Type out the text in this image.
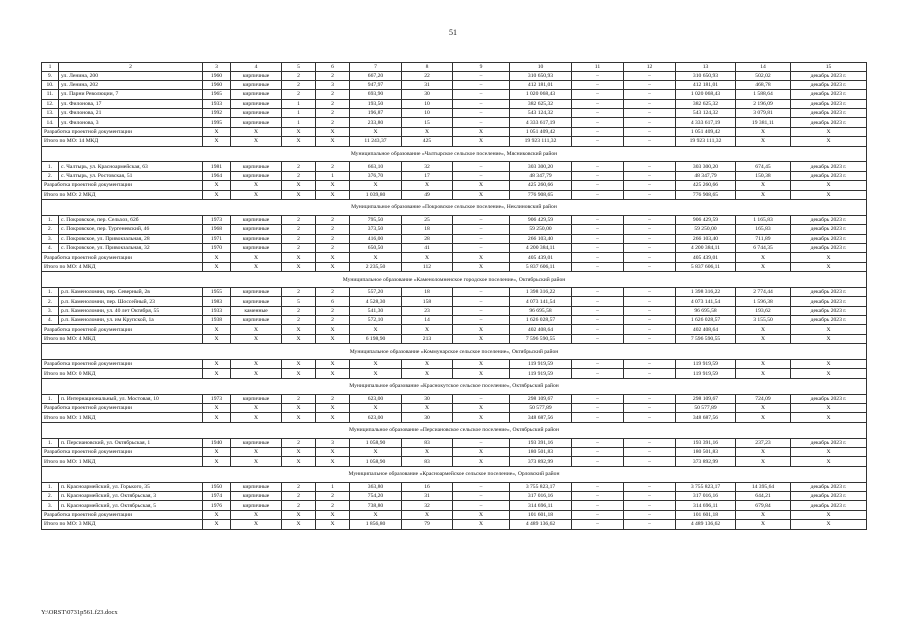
51
1	2	3	4	5	6	7	8	9	10	11	12	13	14	15
9.	ул. Ленина, 200	1960	кирпичные	2	2	667,20	22	–	310 650,93	–	–	310 650,93	502,02	декабрь 2023 г.
10.	ул. Ленина, 202	1960	кирпичные	2	3	947,97	31	–	412 181,01	–	–	412 181,01	468,78	декабрь 2023 г.
11.	ул. Парни Революции, 7	1965	кирпичные	2	2	693,90	30	–	1 020 068,43	–	–	1 020 068,43	1 588,64	декабрь 2023 г.
12.	ул. Филонова, 17	1933	кирпичные	1	2	193,50	10	–	382 625,32	–	–	382 625,32	2 196,09	декабрь 2023 г.
13.	ул. Филонова, 21	1992	кирпичные	1	2	196,87	10	–	543 124,32	–	–	543 124,32	3 079,81	декабрь 2023 г.
14.	ул. Филонова, 3	1995	кирпичные	1	2	233,80	15	–	4 333 617,19	–	–	4 333 617,19	19 381,11	декабрь 2023 г.
Разработка проектной документации		X	X	X	X	X	X	X	1 051 409,42	–	–	1 051 409,42	X	X
Итого по МО: 14 МКД		X	X	X	X	11 243,37	425	X	19 923 111,32	–	–	19 923 111,32	X	X
Муниципальное образование «Чалтырское сельское поселение», Мясниковский район														
1.	с. Чалтырь, ул. Красноармейская, 63	1981	кирпичные	2	2	663,10	32	–	303 300,20	–	–	303 300,20	674,45	декабрь 2023 г.
2.	с. Чалтырь, ул. Ростовская, 51	1964	кирпичные	2	1	376,70	17	–	48 347,79	–	–	48 347,79	150,38	декабрь 2023 г.
Разработка проектной документации		X	X	X	X	X	X	X	425 260,66	–	–	425 260,66	X	X
Итого по МО: 2 МКД		X	X	X	X	1 039,80	49	X	776 908,65	–	–	776 908,65	X	X
Муниципальное образование «Покровское сельское поселение», Неклиновский район														
1.	с. Покровское, пер. Сельхоз, 62б	1973	кирпичные	2	2	795,50	25	–	906 429,59	–	–	906 429,59	1 165,83	декабрь 2023 г.
2.	с. Покровское, пер. Тургеневский, 46	1968	кирпичные	2	2	373,50	18	–	59 250,00	–	–	59 250,00	165,83	декабрь 2023 г.
3.	с. Покровское, ул. Привокзальная, 28	1971	кирпичные	2	2	416,00	28	–	266 103,40	–	–	266 103,40	711,89	декабрь 2023 г.
4.	с. Покровское, ул. Привокзальная, 32	1970	кирпичные	2	2	650,50	41	–	4 200 384,11	–	–	4 200 384,11	6 744,35	декабрь 2023 г.
Разработка проектной документации		X	X	X	X	X	X	X	405 439,01	–	–	405 439,01	X	X
Итого по МО: 4 МКД		X	X	X	X	2 235,50	112	X	5 837 606,11	–	–	5 837 606,11	X	X
Муниципальное образование «Каменоломненское городское поселение», Октябрьский район														
1.	р.п. Каменоломни, пер. Северный, 2в	1955	кирпичные	2	2	557,20	18	–	1 398 316,22	–	–	1 398 316,22	2 774,44	декабрь 2023 г.
2.	р.п. Каменоломни, пер. Шоссейный, 23	1983	кирпичные	5	6	4 528,30	158	–	4 073 141,54	–	–	4 073 141,54	1 596,38	декабрь 2023 г.
3.	р.п. Каменоломни, ул. 40 лет Октября, 55	1933	каменные	2	2	541,30	23	–	96 695,58	–	–	96 695,58	193,62	декабрь 2023 г.
4.	р.п. Каменоломни, ул. им Крупской, 1а	1938	кирпичные	2	2	572,10	14	–	1 626 028,57	–	–	1 626 028,57	3 155,50	декабрь 2023 г.
Разработка проектной документации		X	X	X	X	X	X	X	402 408,64	–	–	402 408,64	X	X
Итого по МО: 4 МКД		X	X	X	X	6 198,90	213	X	7 596 590,55	–	–	7 596 590,55	X	X
Муниципальное образование «Коммунарское сельское поселение», Октябрьский район														
Разработка проектной документации		X	X	X	X	X	X	X	119 919,59	–	–	119 919,59	X	X
Итого по МО: 0 МКД		X	X	X	X	X	X	X	119 919,59	–	–	119 919,59	X	X
Муниципальное образование «Краснокутское сельское поселение», Октябрьский район														
1.	п. Интернациональный, ул. Мостовая, 10	1973	кирпичные	2	2	623,00	30	–	298 109,67	–	–	298 109,67	724,09	декабрь 2023 г.
Разработка проектной документации		X	X	X	X	X	X	X	50 577,89	–	–	50 577,89	X	X
Итого по МО: 1 МКД		X	X	X	X	623,00	30	X	348 687,56	–	–	348 687,56	X	X
Муниципальное образование «Персиановское сельское поселение», Октябрьский район														
1.	п. Персиановский, ул. Октябрьская, 1	1940	кирпичные	2	3	1 058,90	83	–	193 391,16	–	–	193 391,16	237,23	декабрь 2023 г.
Разработка проектной документации		X	X	X	X	X	X	X	180 501,83	–	–	180 501,83	X	X
Итого по МО: 1 МКД		X	X	X	X	1 058,90	83	X	373 892,99	–	–	373 892,99	X	X
Муниципальное образование «Красноармейское сельское поселение», Орловский район														
1.	п. Красноармейский, ул. Горького, 35	1950	кирпичные	2	1	363,80	16	–	3 755 823,17	–	–	3 755 823,17	14 395,64	декабрь 2023 г.
2.	п. Красноармейский, ул. Октябрьская, 3	1974	кирпичные	2	2	754,20	31	–	317 016,16	–	–	317 016,16	644,21	декабрь 2023 г.
3.	п. Красноармейский, ул. Октябрьская, 5	1976	кирпичные	2	2	738,80	32	–	314 696,11	–	–	314 696,11	679,84	декабрь 2023 г.
Разработка проектной документации		X	X	X	X	X	X	X	101 601,18	–	–	101 601,18	X	X
Итого по МО: 3 МКД		X	X	X	X	1 856,80	79	X	4 489 136,62	–	–	4 489 136,62	X	X
Y:\ORST\0731p561.f23.docx
